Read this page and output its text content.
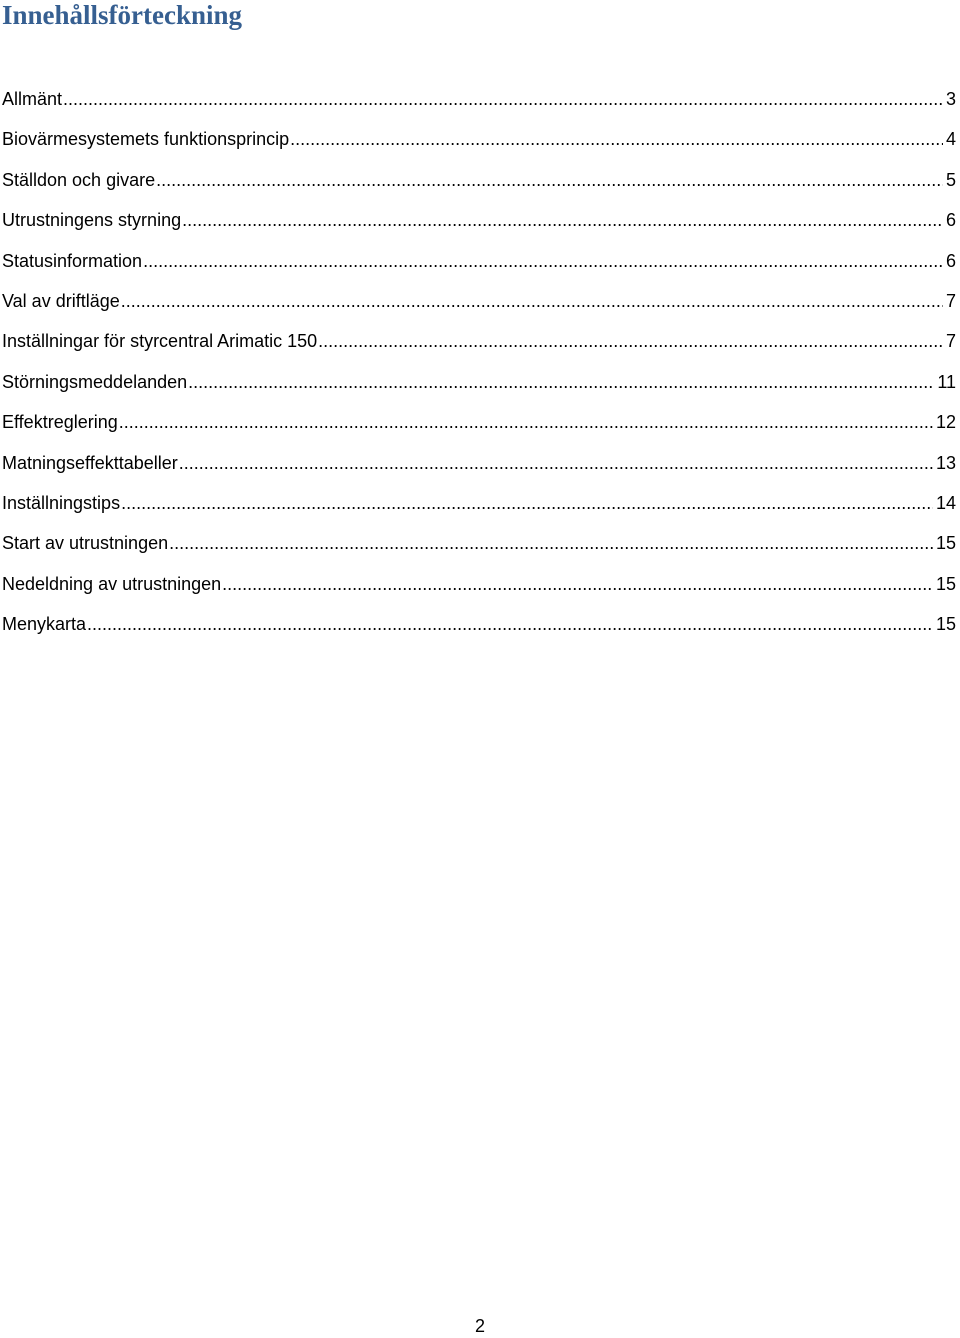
Innehållsförteckning
Allmänt .....	3
Biovärmesystemets funktionsprincip .....	4
Ställdon och givare .....	5
Utrustningens styrning .....	6
Statusinformation .....	6
Val av driftläge .....	7
Inställningar för styrcentral Arimatic 150 .....	7
Störningsmeddelanden .....	11
Effektreglering .....	12
Matningseffekttabeller .....	13
Inställningstips .....	14
Start av utrustningen .....	15
Nedeldning av utrustningen .....	15
Menykarta .....	15
2
